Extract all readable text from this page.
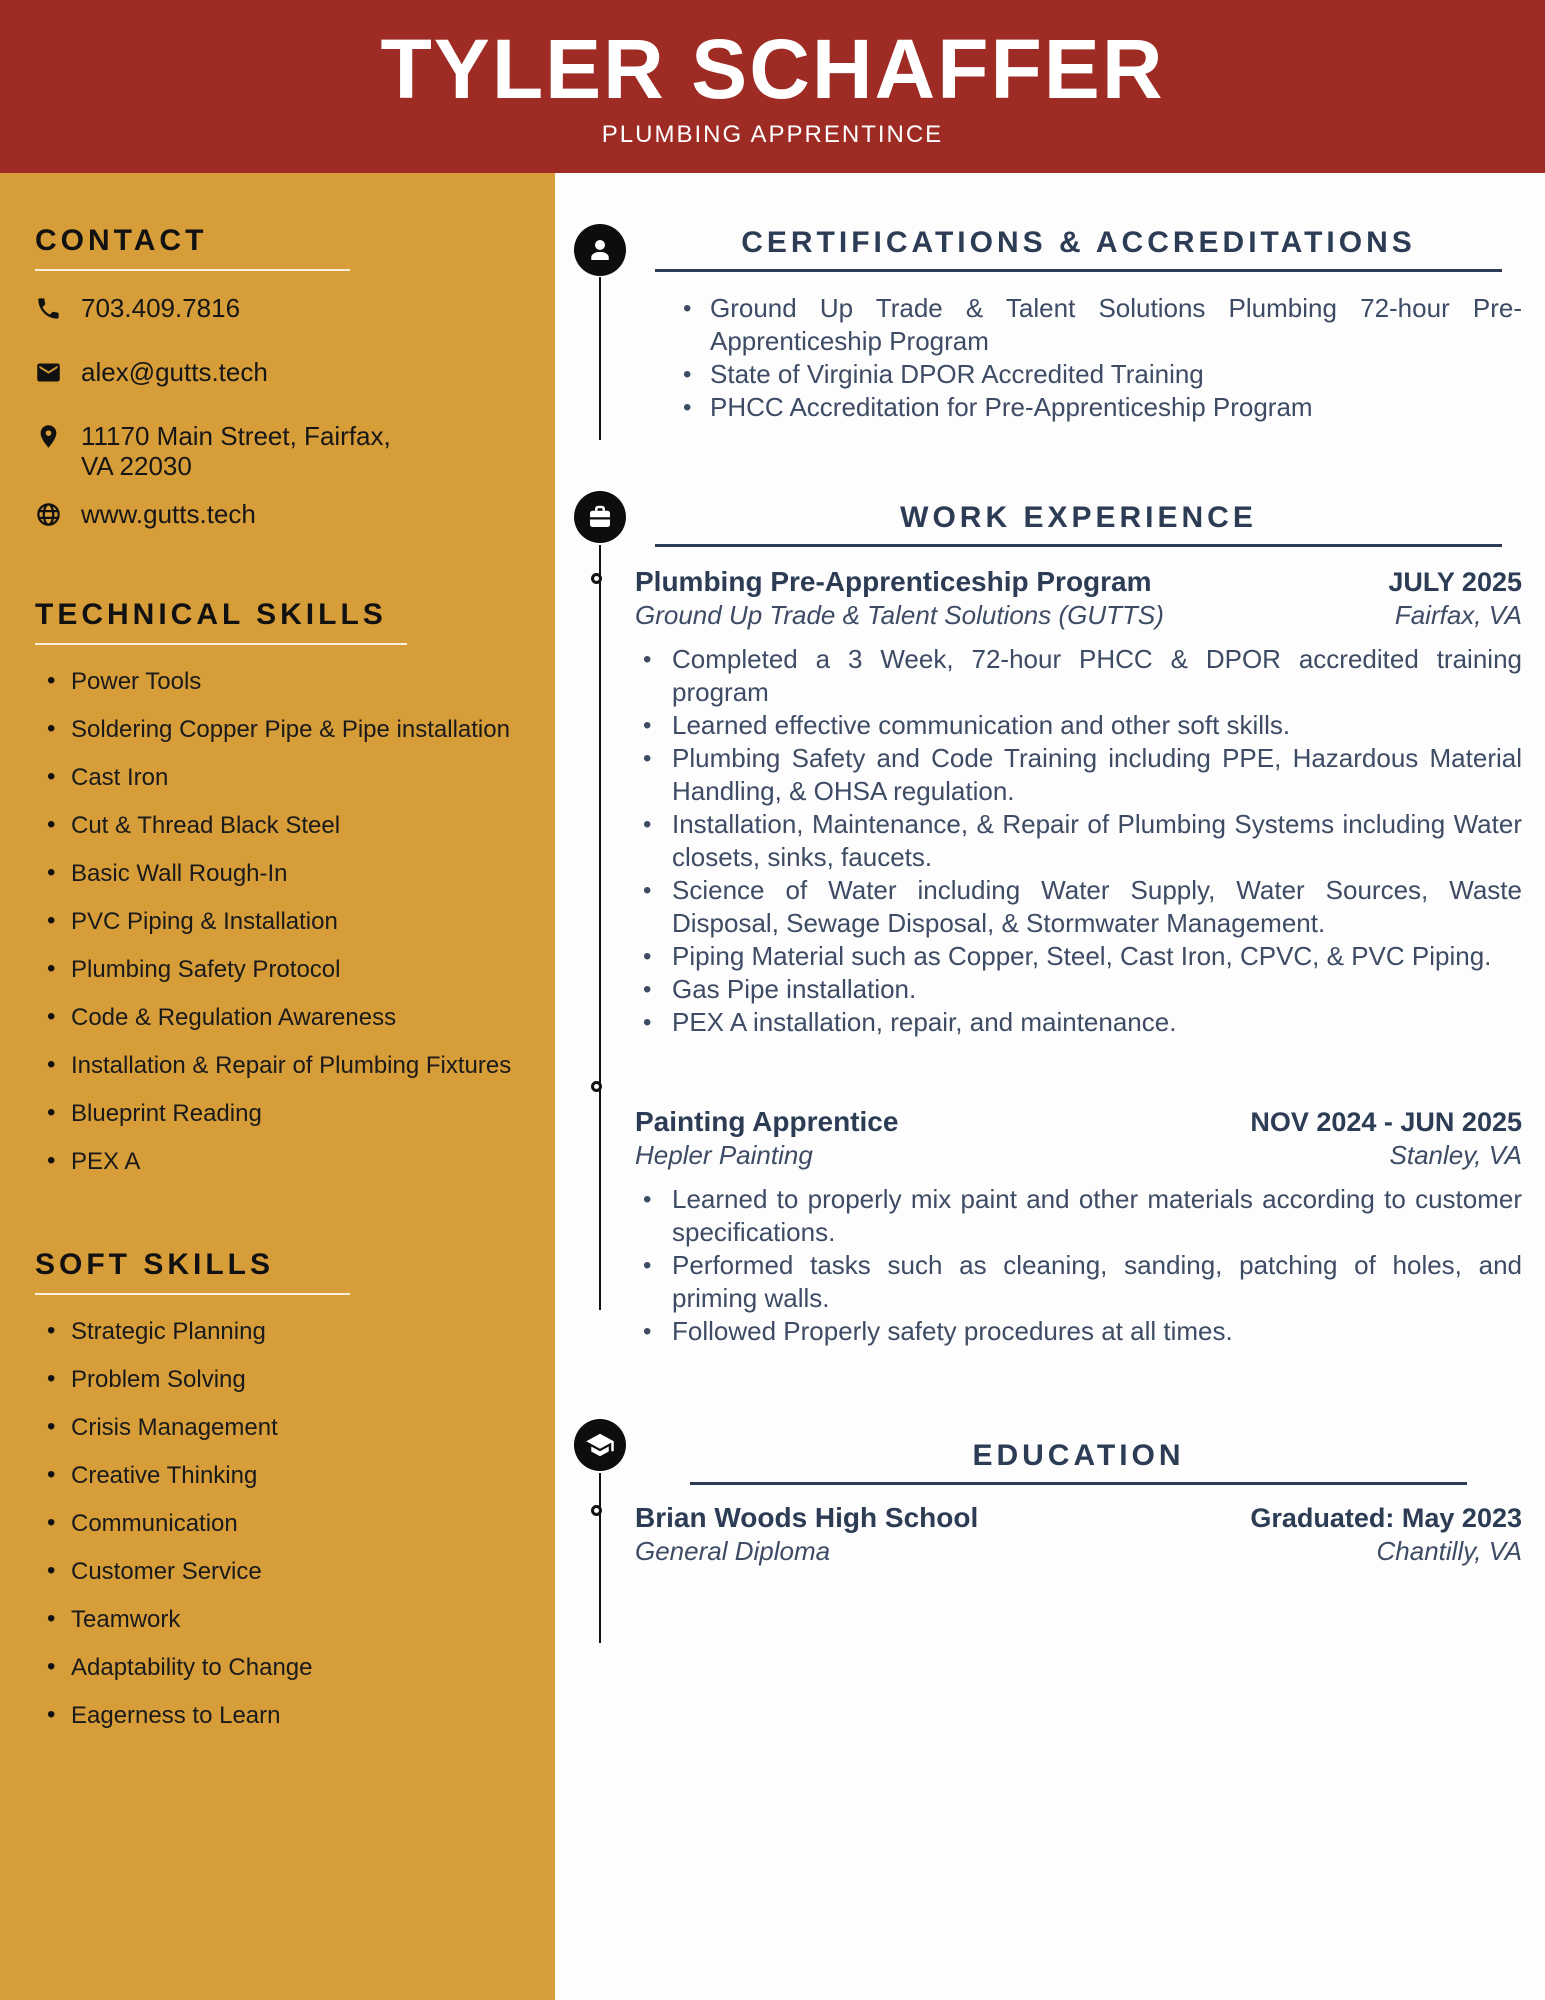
TYLER SCHAFFER
PLUMBING APPRENTINCE
CONTACT
703.409.7816
alex@gutts.tech
11170 Main Street, Fairfax,
VA 22030
www.gutts.tech
TECHNICAL SKILLS
• Power Tools
• Soldering Copper Pipe & Pipe installation
• Cast Iron
• Cut & Thread Black Steel
• Basic Wall Rough-In
• PVC Piping & Installation
• Plumbing Safety Protocol
• Code & Regulation Awareness
• Installation & Repair of Plumbing Fixtures
• Blueprint Reading
• PEX A
SOFT SKILLS
• Strategic Planning
• Problem Solving
• Crisis Management
• Creative Thinking
• Communication
• Customer Service
• Teamwork
• Adaptability to Change
• Eagerness to Learn
CERTIFICATIONS & ACCREDITATIONS
• Ground Up Trade & Talent Solutions Plumbing 72-hour Pre-Apprenticeship Program
• State of Virginia DPOR Accredited Training
• PHCC Accreditation for Pre-Apprenticeship Program
WORK EXPERIENCE
Plumbing Pre-Apprenticeship Program	JULY 2025
Ground Up Trade & Talent Solutions (GUTTS)	Fairfax, VA
• Completed a 3 Week, 72-hour PHCC & DPOR accredited training program
• Learned effective communication and other soft skills.
• Plumbing Safety and Code Training including PPE, Hazardous Material Handling, & OHSA regulation.
• Installation, Maintenance, & Repair of Plumbing Systems including Water closets, sinks, faucets.
• Science of Water including Water Supply, Water Sources, Waste Disposal, Sewage Disposal, & Stormwater Management.
• Piping Material such as Copper, Steel, Cast Iron, CPVC, & PVC Piping.
• Gas Pipe installation.
• PEX A installation, repair, and maintenance.
Painting Apprentice	NOV 2024 - JUN 2025
Hepler Painting	Stanley, VA
• Learned to properly mix paint and other materials according to customer specifications.
• Performed tasks such as cleaning, sanding, patching of holes, and priming walls.
• Followed Properly safety procedures at all times.
EDUCATION
Brian Woods High School	Graduated: May 2023
General Diploma	Chantilly, VA
